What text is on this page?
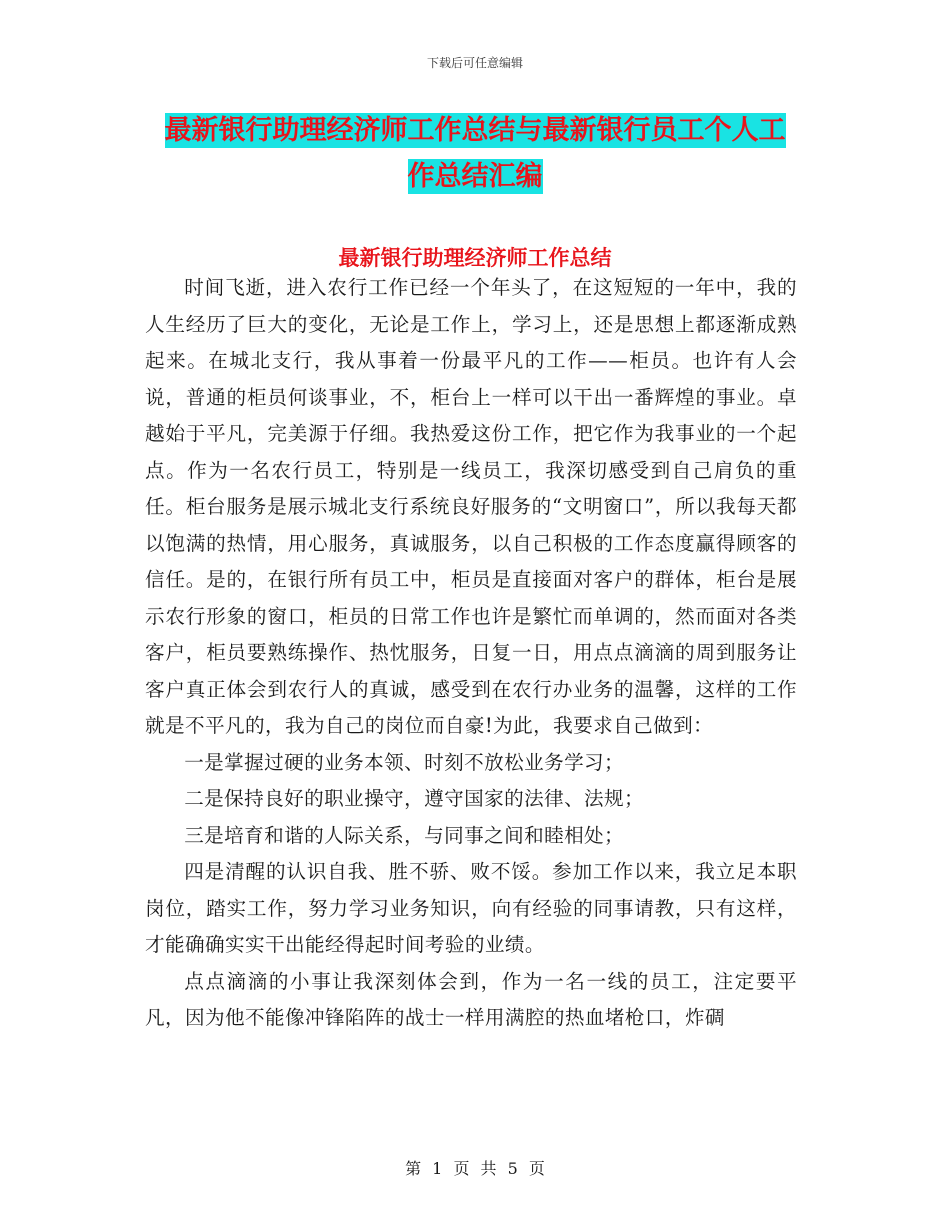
下载后可任意编辑
最新银行助理经济师工作总结与最新银行员工个人工
作总结汇编
最新银行助理经济师工作总结

时间飞逝，进入农行工作已经一个年头了，在这短短的一年中，我的人生经历了巨大的变化，无论是工作上，学习上，还是思想上都逐渐成熟起来。在城北支行，我从事着一份最平凡的工作——柜员。也许有人会说，普通的柜员何谈事业，不，柜台上一样可以干出一番辉煌的事业。卓越始于平凡，完美源于仔细。我热爱这份工作，把它作为我事业的一个起点。作为一名农行员工，特别是一线员工，我深切感受到自己肩负的重任。柜台服务是展示城北支行系统良好服务的“文明窗口”，所以我每天都以饱满的热情，用心服务，真诚服务，以自己积极的工作态度赢得顾客的信任。是的，在银行所有员工中，柜员是直接面对客户的群体，柜台是展示农行形象的窗口，柜员的日常工作也许是繁忙而单调的，然而面对各类客户，柜员要熟练操作、热忱服务，日复一日，用点点滴滴的周到服务让客户真正体会到农行人的真诚，感受到在农行办业务的温馨，这样的工作就是不平凡的，我为自己的岗位而自豪!为此，我要求自己做到：

一是掌握过硬的业务本领、时刻不放松业务学习；

二是保持良好的职业操守，遵守国家的法律、法规；

三是培育和谐的人际关系，与同事之间和睦相处；

四是清醒的认识自我、胜不骄、败不馁。参加工作以来，我立足本职岗位，踏实工作，努力学习业务知识，向有经验的同事请教，只有这样，才能确确实实干出能经得起时间考验的业绩。

点点滴滴的小事让我深刻体会到，作为一名一线的员工，注定要平凡，因为他不能像冲锋陷阵的战士一样用满腔的热血堵枪口，炸碉

第 1 页 共 5 页
